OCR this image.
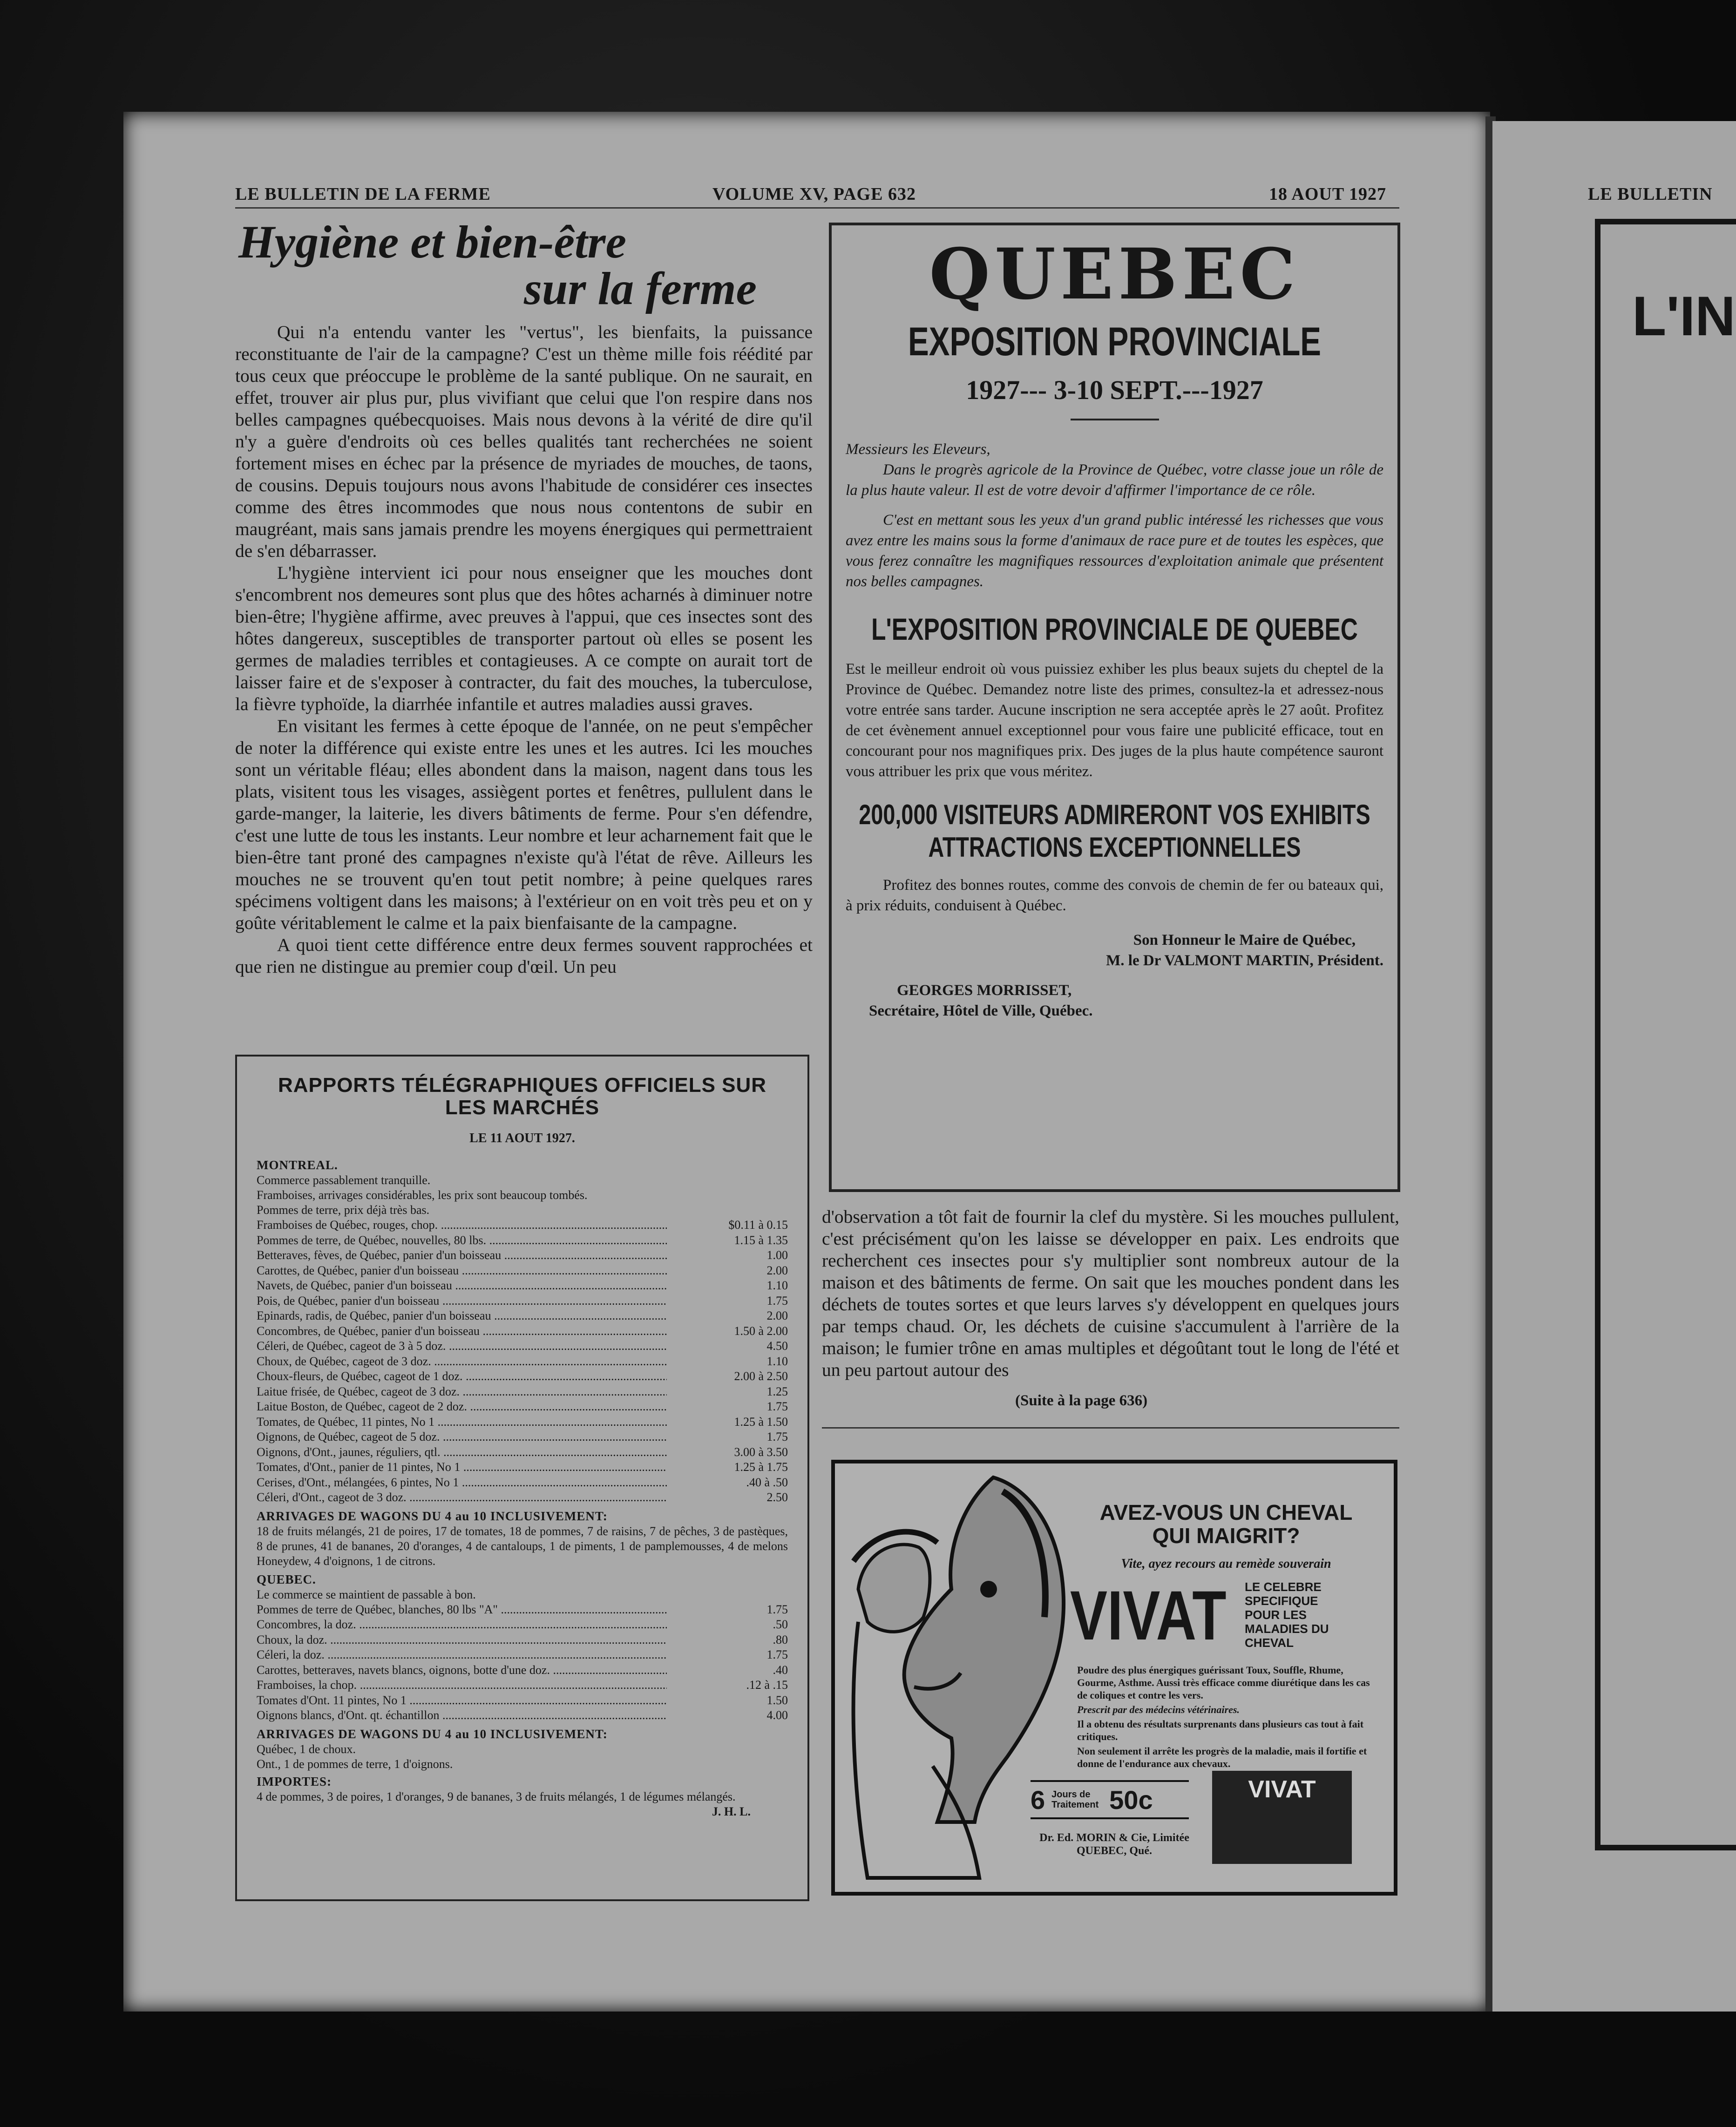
LE BULLETIN DE LA FERME	VOLUME XV, PAGE 632	18 AOUT 1927	LE BULLETIN
Hygiène et bien-être
sur la ferme

Qui n'a entendu vanter les "vertus", les bienfaits, la puissance reconstituante de l'air de la campagne? C'est un thème mille fois réédité par tous ceux que préoccupe le problème de la santé publique. On ne saurait, en effet, trouver air plus pur, plus vivifiant que celui que l'on respire dans nos belles campagnes québecquoises. Mais nous devons à la vérité de dire qu'il n'y a guère d'endroits où ces belles qualités tant recherchées ne soient fortement mises en échec par la présence de myriades de mouches, de taons, de cousins. Depuis toujours nous avons l'habitude de considérer ces insectes comme des êtres incommodes que nous nous contentons de subir en maugréant, mais sans jamais prendre les moyens énergiques qui permettraient de s'en débarrasser.

L'hygiène intervient ici pour nous enseigner que les mouches dont s'encombrent nos demeures sont plus que des hôtes acharnés à diminuer notre bien-être; l'hygiène affirme, avec preuves à l'appui, que ces insectes sont des hôtes dangereux, susceptibles de transporter partout où elles se posent les germes de maladies terribles et contagieuses. A ce compte on aurait tort de laisser faire et de s'exposer à contracter, du fait des mouches, la tuberculose, la fièvre typhoïde, la diarrhée infantile et autres maladies aussi graves.

En visitant les fermes à cette époque de l'année, on ne peut s'empêcher de noter la différence qui existe entre les unes et les autres. Ici les mouches sont un véritable fléau; elles abondent dans la maison, nagent dans tous les plats, visitent tous les visages, assiègent portes et fenêtres, pullulent dans le garde-manger, la laiterie, les divers bâtiments de ferme. Pour s'en défendre, c'est une lutte de tous les instants. Leur nombre et leur acharnement fait que le bien-être tant proné des campagnes n'existe qu'à l'état de rêve. Ailleurs les mouches ne se trouvent qu'en tout petit nombre; à peine quelques rares spécimens voltigent dans les maisons; à l'extérieur on en voit très peu et on y goûte véritablement le calme et la paix bienfaisante de la campagne.

A quoi tient cette différence entre deux fermes souvent rapprochées et que rien ne distingue au premier coup d'œil. Un peu

RAPPORTS TÉLÉGRAPHIQUES OFFICIELS SUR LES MARCHÉS
LE 11 AOUT 1927.
MONTREAL.
Commerce passablement tranquille.
Framboises, arrivages considérables, les prix sont beaucoup tombés.
Pommes de terre, prix déjà très bas.
Framboises de Québec, rouges, chop. .....	$0.11 à 0.15
Pommes de terre, de Québec, nouvelles, 80 lbs. .....	1.15 à 1.35
Betteraves, fèves, de Québec, panier d'un boisseau .....	1.00
Carottes, de Québec, panier d'un boisseau .....	2.00
Navets, de Québec, panier d'un boisseau .....	1.10
Pois, de Québec, panier d'un boisseau .....	1.75
Epinards, radis, de Québec, panier d'un boisseau .....	2.00
Concombres, de Québec, panier d'un boisseau .....	1.50 à 2.00
Céleri, de Québec, cageot de 3 à 5 doz. .....	4.50
Choux, de Québec, cageot de 3 doz. .....	1.10
Choux-fleurs, de Québec, cageot de 1 doz. .....	2.00 à 2.50
Laitue frisée, de Québec, cageot de 3 doz. .....	1.25
Laitue Boston, de Québec, cageot de 2 doz. .....	1.75
Tomates, de Québec, 11 pintes, No 1 .....	1.25 à 1.50
Oignons, de Québec, cageot de 5 doz. .....	1.75
Oignons, d'Ont., jaunes, réguliers, qtl. .....	3.00 à 3.50
Tomates, d'Ont., panier de 11 pintes, No 1 .....	1.25 à 1.75
Cerises, d'Ont., mélangées, 6 pintes, No 1 .....	.40 à .50
Céleri, d'Ont., cageot de 3 doz. .....	2.50
ARRIVAGES DE WAGONS DU 4 au 10 INCLUSIVEMENT:
18 de fruits mélangés, 21 de poires, 17 de tomates, 18 de pommes, 7 de raisins, 7 de pêches, 3 de pastèques, 8 de prunes, 41 de bananes, 20 d'oranges, 4 de cantaloups, 1 de piments, 1 de pamplemousses, 4 de melons Honeydew, 4 d'oignons, 1 de citrons.
QUEBEC.
Le commerce se maintient de passable à bon.
Pommes de terre de Québec, blanches, 80 lbs "A" .....	1.75
Concombres, la doz. .....	.50
Choux, la doz. .....	.80
Céleri, la doz. .....	1.75
Carottes, betteraves, navets blancs, oignons, botte d'une doz. .....	.40
Framboises, la chop. .....	.12 à .15
Tomates d'Ont. 11 pintes, No 1 .....	1.50
Oignons blancs, d'Ont. qt. échantillon .....	4.00
ARRIVAGES DE WAGONS DU 4 au 10 INCLUSIVEMENT:
Québec, 1 de choux.
Ont., 1 de pommes de terre, 1 d'oignons.
IMPORTES:
4 de pommes, 3 de poires, 1 d'oranges, 9 de bananes, 3 de fruits mélangés, 1 de légumes mélangés.
J. H. L.
QUEBEC
EXPOSITION PROVINCIALE
1927--- 3-10 SEPT.---1927
Messieurs les Eleveurs,
Dans le progrès agricole de la Province de Québec, votre classe joue un rôle de la plus haute valeur. Il est de votre devoir d'affirmer l'importance de ce rôle.
C'est en mettant sous les yeux d'un grand public intéressé les richesses que vous avez entre les mains sous la forme d'animaux de race pure et de toutes les espèces, que vous ferez connaître les magnifiques ressources d'exploitation animale que présentent nos belles campagnes.
L'EXPOSITION PROVINCIALE DE QUEBEC
Est le meilleur endroit où vous puissiez exhiber les plus beaux sujets du cheptel de la Province de Québec. Demandez notre liste des primes, consultez-la et adressez-nous votre entrée sans tarder. Aucune inscription ne sera acceptée après le 27 août. Profitez de cet évènement annuel exceptionnel pour vous faire une publicité efficace, tout en concourant pour nos magnifiques prix. Des juges de la plus haute compétence sauront vous attribuer les prix que vous méritez.
200,000 VISITEURS ADMIRERONT VOS EXHIBITS
ATTRACTIONS EXCEPTIONNELLES
Profitez des bonnes routes, comme des convois de chemin de fer ou bateaux qui, à prix réduits, conduisent à Québec.
Son Honneur le Maire de Québec,
M. le Dr VALMONT MARTIN, Président.
GEORGES MORRISSET,
Secrétaire, Hôtel de Ville, Québec.

d'observation a tôt fait de fournir la clef du mystère. Si les mouches pullulent, c'est précisément qu'on les laisse se développer en paix. Les endroits que recherchent ces insectes pour s'y multiplier sont nombreux autour de la maison et des bâtiments de ferme. On sait que les mouches pondent dans les déchets de toutes sortes et que leurs larves s'y développent en quelques jours par temps chaud. Or, les déchets de cuisine s'accumulent à l'arrière de la maison; le fumier trône en amas multiples et dégoûtant tout le long de l'été et un peu partout autour des

(Suite à la page 636)
AVEZ-VOUS UN CHEVAL
QUI MAIGRIT?
Vite, ayez recours au remède souverain
VIVAT LE CELEBRE SPECIFIQUE POUR LES MALADIES DU CHEVAL
Poudre des plus énergiques guérissant Toux, Souffle, Rhume, Gourme, Asthme. Aussi très efficace comme diurétique dans les cas de coliques et contre les vers.
Prescrit par des médecins vétérinaires.
Il a obtenu des résultats surprenants dans plusieurs cas tout à fait critiques.
Non seulement il arrête les progrès de la maladie, mais il fortifie et donne de l'endurance aux chevaux.
6 Jours de Traitement 50c	VIVAT
Dr. Ed. MORIN & Cie, Limitée
QUEBEC, Qué.
L'IN
